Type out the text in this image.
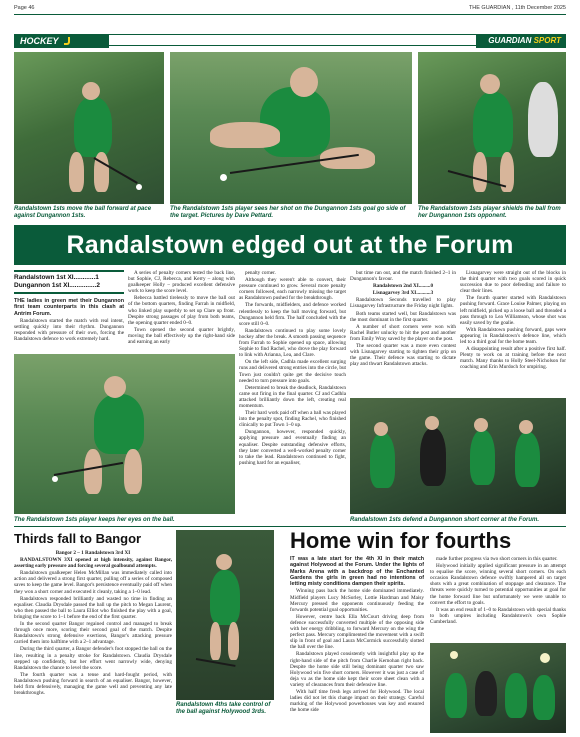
Page 46	THE GUARDIAN , 11th December 2025
HOCKEY	GUARDIAN SPORT
Randalstown 1sts move the ball forward at pace against Dungannon 1sts.
The Randalstown 1sts player sees her shot on the Dungannon 1sts goal go side of the target. Pictures by Dave Pettard.
The Randalstown 1sts player shields the ball from her Dungannon 1sts opponent.
Randalstown edged out at the Forum
Randalstown 1st XI............1
Dungannon 1st XI...............2

THE ladies in green met their Dungannon first team counterparts in this clash at Antrim Forum.

Randalstown started the match with real intent, settling quickly into their rhythm. Dungannon responded with pressure of their own, forcing the Randalstown defence to work extremely hard.

A series of penalty corners tested the back line, but Sophie, CJ, Rebecca, and Kerry – along with goalkeeper Holly – produced excellent defensive work to keep the score level.

Rebecca battled tirelessly to move the ball out of the bottom quarters, finding Farrah in midfield, who linked play superbly to set up Clare up front. Despite strong passages of play from both teams, the opening quarter ended 0–0.

Town opened the second quarter brightly, moving the ball effectively up the right-hand side and earning an early

penalty corner.

Although they weren't able to convert, their pressure continued to grow. Several more penalty corners followed, each narrowly missing the target as Randalstown pushed for the breakthrough.

The forwards, midfielders, and defence worked relentlessly to keep the ball moving forward, but Dungannon held firm. The half concluded with the score still 0–0.

Randalstown continued to play some lovely hockey after the break. A smooth passing sequence from Farrah to Sophie opened up space, allowing Sophie to find Rachel, who drove the play forward to link with Arianna, Lea, and Clare.

On the left side, Cadhla made excellent surging runs and delivered strong entries into the circle, but Town just couldn't quite get the decisive touch needed to turn pressure into goals.

Determined to break the deadlock, Randalstown came out firing in the final quarter. CJ and Cadhla attacked brilliantly down the left, creating real momentum.

Their hard work paid off when a ball was played into the penalty spot, finding Rachel, who finished clinically to put Town 1–0 up.

Dungannon, however, responded quickly, applying pressure and eventually finding an equaliser. Despite outstanding defensive efforts, they later converted a well-worked penalty corner to take the lead. Randalstown continued to fight, pushing hard for an equaliser,

but time ran out, and the match finished 2–1 in Dungannon's favour.

Randalstown 2nd XI.........0

Lisnagarvey 3rd XI...........3

Randalstown Seconds travelled to play Lisnagarvey Infrastructure the Friday night lights.

Both teams started well, but Randalstown was the most dominant in the first quarter.

A number of short corners were won with Rachel Butler unlucky to hit the post and another from Emily Wray saved by the player on the post.

The second quarter was a more even contest with Lisnagarvey starting to tighten their grip on the game. Their defence was starting to dictate play and thwart Randalstown attacks.

Lisnagarvey were straight out of the blocks in the third quarter with two goals scored in quick succession due to poor defending and failure to clear their lines.

The fourth quarter started with Randalstown pushing forward. Grace Louise Palmer, playing on left midfield, picked up a loose ball and threaded a pass through to Lea Williamson, whose shot was easily saved by the goalie.

With Randalstown pushing forward, gaps were appearing in Randalstown's defence line, which led to a third goal for the home team.

A disappointing result after a positive first half. Plenty to work on at training before the next match. Many thanks to Holly Steel-Nicholson for coaching and Erin Murdoch for umpiring.

The Randalstown 1sts player keeps her eyes on the ball.	Randalstown 1sts defend a Dungannon short corner at the Forum.
Thirds fall to Bangor

Bangor 2 – 1 Randalstown 3rd XI

RANDALSTOWN 3XI opened at high intensity, against Bangor, asserting early pressure and forcing several goalbound attempts.

Randalstown goalkeeper Helen McMillan was immediately called into action and delivered a strong first quarter, pulling off a series of composed saves to keep the game level. Bangor's persistence eventually paid off when they won a short corner and executed it cleanly, taking a 1–0 lead.

Randalstown responded brilliantly and wasted no time in finding an equaliser. Claudia Drysdale passed the ball up the pitch to Megan Laurent, who then passed the ball to Laura Elliot who finished the play with a goal, bringing the score to 1–1 before the end of the first quarter.

In the second quarter Bangor regained control and managed to break through once more, scoring their second goal of the match. Despite Randalstown's strong defensive exertions, Bangor's attacking pressure carried them into halftime with a 2–1 advantage.

During the third quarter, a Bangor defender's foot stopped the ball on the line, resulting in a penalty stroke for Randalstown. Claudia Drysdale stepped up confidently, but her effort went narrowly wide, denying Randalstown the chance to level the score.

The fourth quarter was a tense and hard-fought period, with Randalstown pushing forward in search of an equaliser. Bangor, however, held firm defensively, managing the game well and preventing any late breakthroughs.

Randalstown 4ths take control of the ball against Holywood 3rds.
Home win for fourths

IT was a late start for the 4th XI in their match against Holywood at the Forum. Under the lights of Marks Arena with a backdrop of the Enchanted Gardens the girls in green had no intentions of letting misty conditions dampen their spirits.

Winning pass back the home side dominated immediately. Midfield players Lucy McSorley, Lottie Hardman and Maisy Mercury pressed the opponents continuously feeding the forwards potential goal opportunities.

However, centre back Ella McCourt driving deep from defence successfully converted multiple of the opposing side with her energy dribbling, to forward Mercury on the wing the perfect pass. Mercury complimented the movement with a swift slip in front of goal and Laura McCormick successfully slotted the ball over the line.

Randalstown played consistently with insightful play up the right-hand side of the pitch from Charlie Kernohan right back. Despite the home side still being dominant quarter two saw Holywood win five short corners. However it was just a case of deja vu as the home side kept their score sheet clean with a variety of clearances from their defensive line.

With half time fresh legs arrived for Holywood. The local ladies did not let this change impact on their strategy. Careful marking of the Holywood powerhouses was key and ensured the home side

made further progress via two short corners in this quarter.

Holywood initially applied significant pressure in an attempt to equalise the score, winning several short corners. On each occasion Randalstown defence swiftly hampered all on target shots with a great combination of stoppage and clearance. The threats were quickly turned to potential opportunities at goal for the home forward line but unfortunately we were unable to convert the effort to goals.

It was an end result of 1–0 to Randalstown with special thanks to both umpires including Randalstown's own Sophie Cumberland.
